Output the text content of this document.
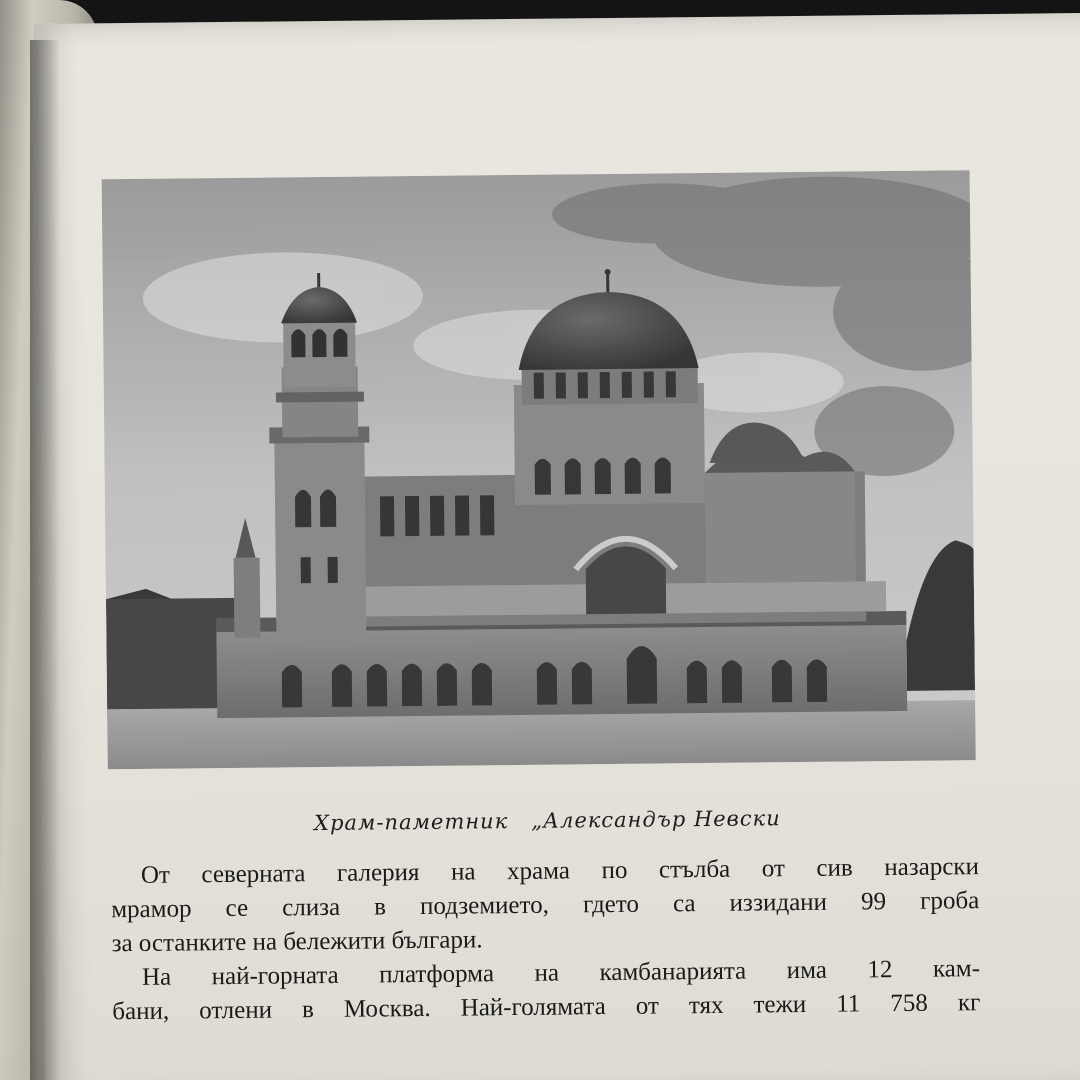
Храм-паметник „Александър Невски

От северната галерия на храма по стълба от сив назарски

мрамор се слиза в подземието, гдето са иззидани 99 гроба

за останките на бележити българи.

На най-горната платформа на камбанарията има 12 кам-

бани, отлени в Москва. Най-голямата от тях тежи 11 758 кг
